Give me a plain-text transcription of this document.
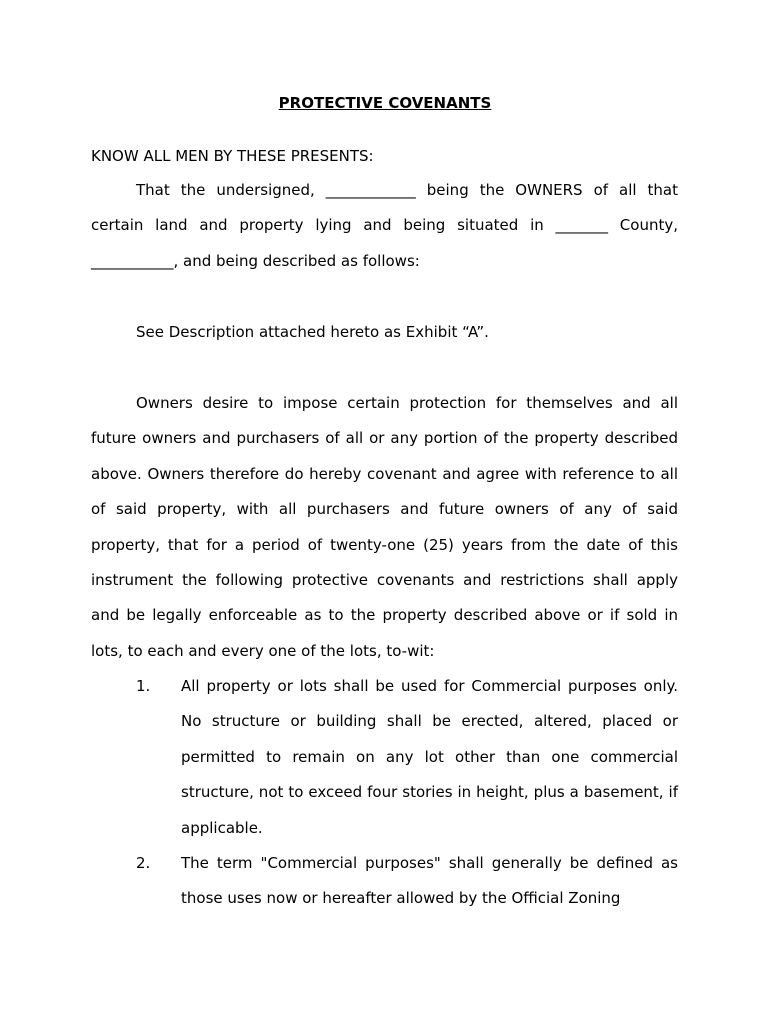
PROTECTIVE COVENANTS

KNOW ALL MEN BY THESE PRESENTS:

That the undersigned, ____________ being the OWNERS of all that certain land and property lying and being situated in _______ County, ___________, and being described as follows:

See Description attached hereto as Exhibit “A”.

Owners desire to impose certain protection for themselves and all future owners and purchasers of all or any portion of the property described above. Owners therefore do hereby covenant and agree with reference to all of said property, with all purchasers and future owners of any of said property, that for a period of twenty-one (25) years from the date of this instrument the following protective covenants and restrictions shall apply and be legally enforceable as to the property described above or if sold in lots, to each and every one of the lots, to-wit:

1. All property or lots shall be used for Commercial purposes only. No structure or building shall be erected, altered, placed or permitted to remain on any lot other than one commercial structure, not to exceed four stories in height, plus a basement, if applicable.
2. The term "Commercial purposes" shall generally be defined as those uses now or hereafter allowed by the Official Zoning
